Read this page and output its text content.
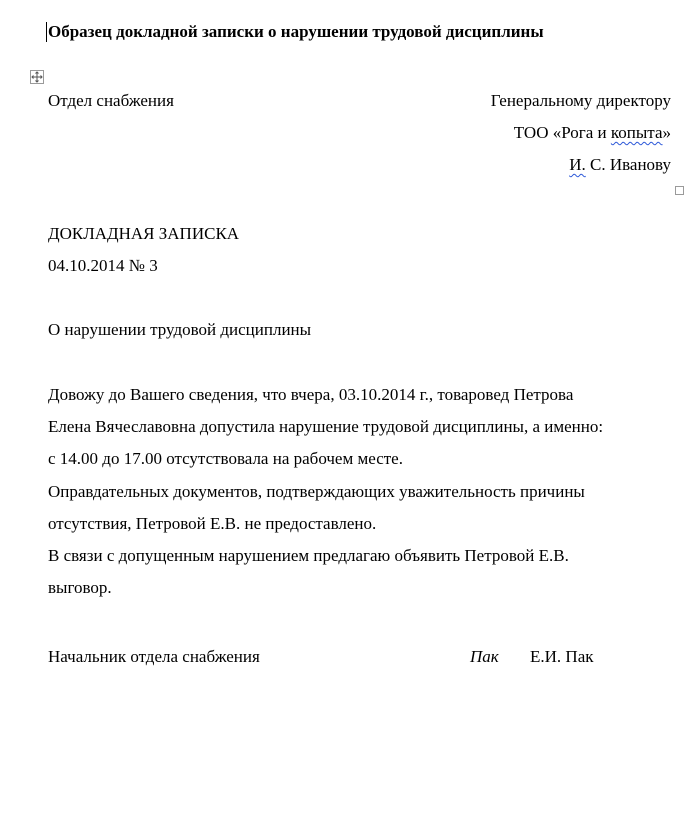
Образец докладной записки о нарушении трудовой дисциплины
Отдел снабжения	Генеральному директору
ТОО «Рога и копыта»
И. С. Иванову
ДОКЛАДНАЯ ЗАПИСКА
04.10.2014 № 3
О нарушении трудовой дисциплины
Довожу до Вашего сведения, что вчера, 03.10.2014 г., товаровед Петрова
Елена Вячеславовна допустила нарушение трудовой дисциплины, а именно:
с 14.00 до 17.00 отсутствовала на рабочем месте.
Оправдательных документов, подтверждающих уважительность причины
отсутствия, Петровой Е.В. не предоставлено.
В связи с допущенным нарушением предлагаю объявить Петровой Е.В.
выговор.
Начальник отдела снабжения	Пак Е.И. Пак
